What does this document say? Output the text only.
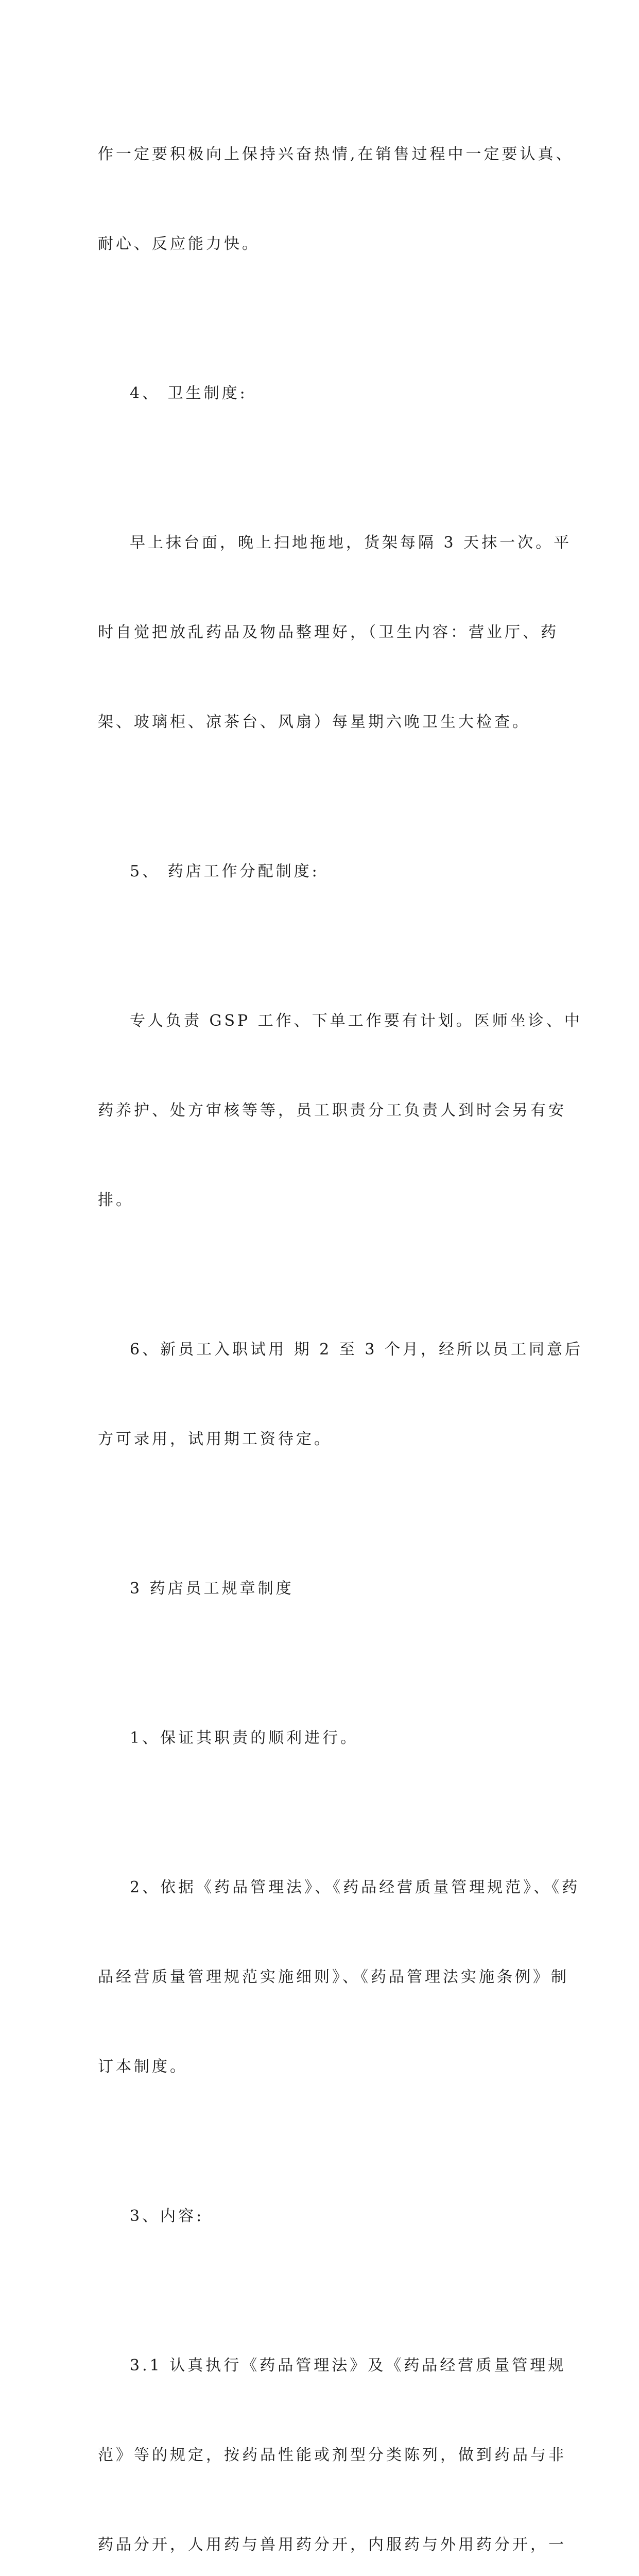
作一定要积极向上保持兴奋热情,在销售过程中一定要认真、

耐心、反应能力快。

4、 卫生制度:

早上抹台面，晚上扫地拖地，货架每隔 3 天抹一次。平

时自觉把放乱药品及物品整理好，（卫生内容：营业厅、药

架、玻璃柜、凉茶台、风扇）每星期六晚卫生大检查。

5、 药店工作分配制度:

专人负责 GSP 工作、下单工作要有计划。医师坐诊、中

药养护、处方审核等等，员工职责分工负责人到时会另有安

排。

6、新员工入职试用 期 2 至 3 个月，经所以员工同意后

方可录用，试用期工资待定。

3 药店员工规章制度

1、保证其职责的顺利进行。

2、依据《药品管理法》、《药品经营质量管理规范》、《药

品经营质量管理规范实施细则》、《药品管理法实施条例》制

订本制度。

3、内容:

3.1 认真执行《药品管理法》及《药品经营质量管理规

范》等的规定，按药品性能或剂型分类陈列，做到药品与非

药品分开，人用药与兽用药分开，内服药与外用药分开，一
